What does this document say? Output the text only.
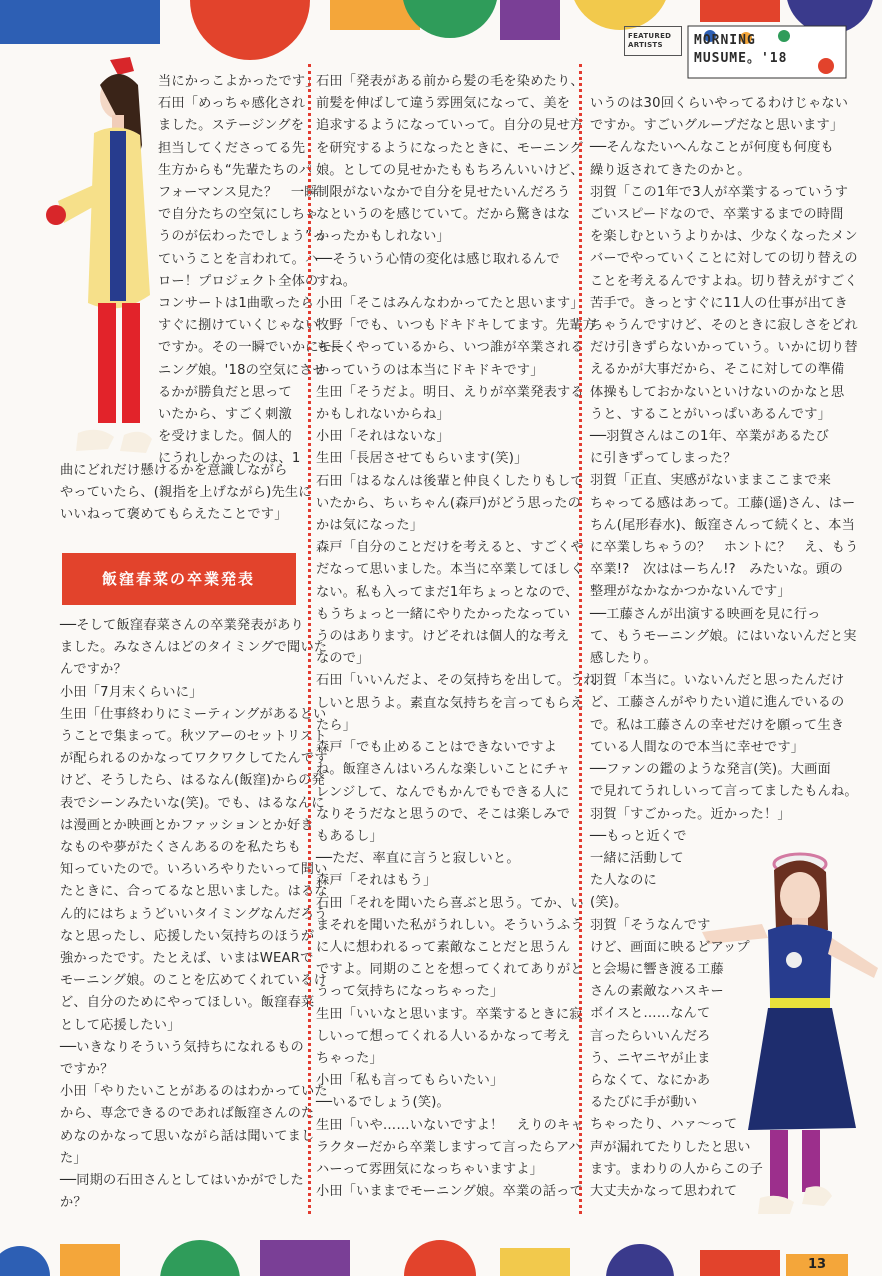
FEATURED
ARTISTS	MORNING
MUSUME。'18

当にかっこよかったです」

石田「めっちゃ感化され

ました。ステージングを

担当してくださってる先

生方からも“先輩たちのパ

フォーマンス見た？　一瞬

で自分たちの空気にしちゃ

うのが伝わったでしょう”っ

ていうことを言われて。ハ

ロー！プロジェクト全体の

コンサートは1曲歌ったら

すぐに捌けていくじゃない

ですか。その一瞬でいかにモー

ニング娘。'18の空気にさせ

るかが勝負だと思って

いたから、すごく刺激

を受けました。個人的

にうれしかったのは、1

曲にどれだけ懸けるかを意識しながら

やっていたら、(親指を上げながら)先生に

いいねって褒めてもらえたことです」

飯窪春菜の卒業発表

──そして飯窪春菜さんの卒業発表があり

ました。みなさんはどのタイミングで聞いた

んですか？

小田「7月末くらいに」

生田「仕事終わりにミーティングがあるとい

うことで集まって。秋ツアーのセットリスト

が配られるのかなってワクワクしてたんです

けど、そうしたら、はるなん(飯窪)からの発

表でシーンみたいな(笑)。でも、はるなんに

は漫画とか映画とかファッションとか好き

なものや夢がたくさんあるのを私たちも

知っていたので。いろいろやりたいって聞い

たときに、合ってるなと思いました。はるな

ん的にはちょうどいいタイミングなんだろう

なと思ったし、応援したい気持ちのほうが

強かったです。たとえば、いまはWEARで

モーニング娘。のことを広めてくれているけ

ど、自分のためにやってほしい。飯窪春菜

として応援したい」

──いきなりそういう気持ちになれるもの

ですか？

小田「やりたいことがあるのはわかっていた

から、専念できるのであれば飯窪さんのた

めなのかなって思いながら話は聞いてまし

た」

──同期の石田さんとしてはいかがでした

か？

石田「発表がある前から髪の毛を染めたり、

前髪を伸ばして違う雰囲気になって、美を

追求するようになっていって。自分の見せ方

を研究するようになったときに、モーニング

娘。としての見せかたももちろんいいけど、

制限がないなかで自分を見せたいんだろう

なというのを感じていて。だから驚きはな

かったかもしれない」

──そういう心情の変化は感じ取れるんで

すね。

小田「そこはみんなわかってたと思います」

牧野「でも、いつもドキドキしてます。先輩方

も長くやっているから、いつ誰が卒業される

かっていうのは本当にドキドキです」

生田「そうだよ。明日、えりが卒業発表する

かもしれないからね」

小田「それはないな」

生田「長居させてもらいます(笑)」

石田「はるなんは後輩と仲良くしたりもして

いたから、ちぃちゃん(森戸)がどう思ったの

かは気になった」

森戸「自分のことだけを考えると、すごくや

だなって思いました。本当に卒業してほしく

ない。私も入ってまだ1年ちょっとなので、

もうちょっと一緒にやりたかったなってい

うのはあります。けどそれは個人的な考え

なので」

石田「いいんだよ、その気持ちを出して。うれ

しいと思うよ。素直な気持ちを言ってもらえ

たら」

森戸「でも止めることはできないですよ

ね。飯窪さんはいろんな楽しいことにチャ

レンジして、なんでもかんでもできる人に

なりそうだなと思うので、そこは楽しみで

もあるし」

──ただ、率直に言うと寂しいと。

森戸「それはもう」

石田「それを聞いたら喜ぶと思う。てか、い

まそれを聞いた私がうれしい。そういうふう

に人に想われるって素敵なことだと思うん

ですよ。同期のことを想ってくれてありがと

うって気持ちになっちゃった」

生田「いいなと思います。卒業するときに寂

しいって想ってくれる人いるかなって考え

ちゃった」

小田「私も言ってもらいたい」

──いるでしょう(笑)。

生田「いや……いないですよ！　えりのキャ

ラクターだから卒業しますって言ったらアハ

ハーって雰囲気になっちゃいますよ」

小田「いままでモーニング娘。卒業の話って

いうのは30回くらいやってるわけじゃない

ですか。すごいグループだなと思います」

──そんなたいへんなことが何度も何度も

繰り返されてきたのかと。

羽賀「この1年で3人が卒業するっていうす

ごいスピードなので、卒業するまでの時間

を楽しむというよりかは、少なくなったメン

バーでやっていくことに対しての切り替えの

ことを考えるんですよね。切り替えがすごく

苦手で。きっとすぐに11人の仕事が出てき

ちゃうんですけど、そのときに寂しさをどれ

だけ引きずらないかっていう。いかに切り替

えるかが大事だから、そこに対しての準備

体操もしておかないといけないのかなと思

うと、することがいっぱいあるんです」

──羽賀さんはこの1年、卒業があるたび

に引きずってしまった？

羽賀「正直、実感がないままここまで来

ちゃってる感はあって。工藤(遥)さん、はー

ちん(尾形春水)、飯窪さんって続くと、本当

に卒業しちゃうの？　ホントに？　え、もう

卒業!?　次ははーちん!?　みたいな。頭の

整理がなかなかつかないんです」

──工藤さんが出演する映画を見に行っ

て、もうモーニング娘。にはいないんだと実

感したり。

羽賀「本当に。いないんだと思ったんだけ

ど、工藤さんがやりたい道に進んでいるの

で。私は工藤さんの幸せだけを願って生き

ている人間なので本当に幸せです」

──ファンの鑑のような発言(笑)。大画面

で見れてうれしいって言ってましたもんね。

羽賀「すごかった。近かった！」

──もっと近くで

一緒に活動して

た人なのに

(笑)。

羽賀「そうなんです

けど、画面に映るどアップ

と会場に響き渡る工藤

さんの素敵なハスキー

ボイスと……なんて

言ったらいいんだろ

う、ニヤニヤが止ま

らなくて、なにかあ

るたびに手が動い

ちゃったり、ハァ〜って

声が漏れてたりしたと思い

ます。まわりの人からこの子

大丈夫かなって思われて

13
